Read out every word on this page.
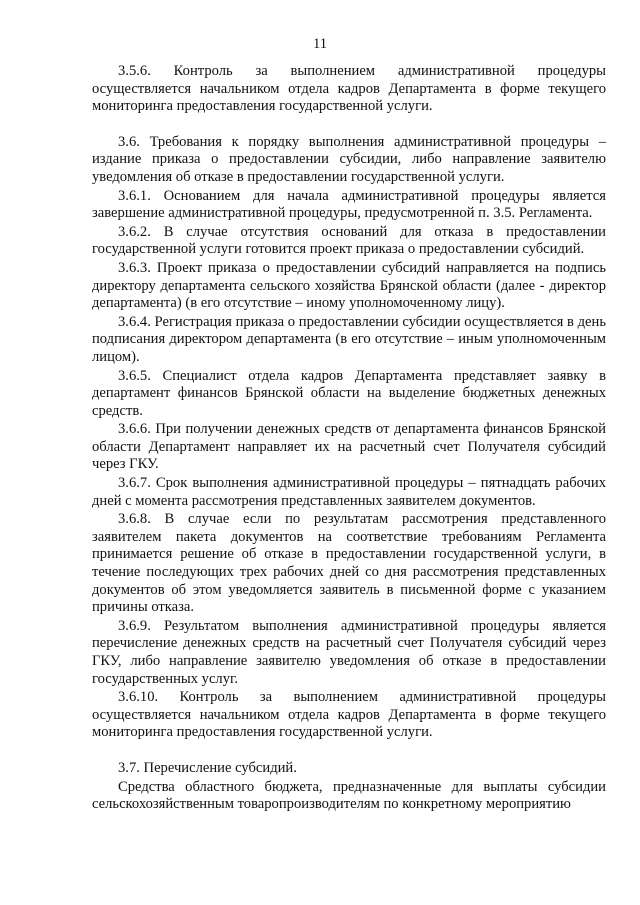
11

3.5.6. Контроль за выполнением административной процедуры осуществляется начальником отдела кадров Департамента в форме текущего мониторинга предоставления государственной услуги.

3.6. Требования к порядку выполнения административной процедуры – издание приказа о предоставлении субсидии, либо направление заявителю уведомления об отказе в предоставлении государственной услуги.

3.6.1. Основанием для начала административной процедуры является завершение административной процедуры, предусмотренной п. 3.5. Регламента.

3.6.2. В случае отсутствия оснований для отказа в предоставлении государственной услуги готовится проект приказа о предоставлении субсидий.

3.6.3. Проект приказа о предоставлении субсидий направляется на подпись директору департамента сельского хозяйства Брянской области (далее - директор департамента) (в его отсутствие – иному уполномоченному лицу).

3.6.4. Регистрация приказа о предоставлении субсидии осуществляется в день подписания директором департамента (в его отсутствие – иным уполномоченным лицом).

3.6.5. Специалист отдела кадров Департамента представляет заявку в департамент финансов Брянской области на выделение бюджетных денежных средств.

3.6.6. При получении денежных средств от департамента финансов Брянской области Департамент направляет их на расчетный счет Получателя субсидий через ГКУ.

3.6.7. Срок выполнения административной процедуры – пятнадцать рабочих дней с момента рассмотрения представленных заявителем документов.

3.6.8. В случае если по результатам рассмотрения представленного заявителем пакета документов на соответствие требованиям Регламента принимается решение об отказе в предоставлении государственной услуги, в течение последующих трех рабочих дней со дня рассмотрения представленных документов об этом уведомляется заявитель в письменной форме с указанием причины отказа.

3.6.9. Результатом выполнения административной процедуры является перечисление денежных средств на расчетный счет Получателя субсидий через ГКУ, либо направление заявителю уведомления об отказе в предоставлении государственных услуг.

3.6.10. Контроль за выполнением административной процедуры осуществляется начальником отдела кадров Департамента в форме текущего мониторинга предоставления государственной услуги.

3.7. Перечисление субсидий.

Средства областного бюджета, предназначенные для выплаты субсидии сельскохозяйственным товаропроизводителям по конкретному мероприятию
